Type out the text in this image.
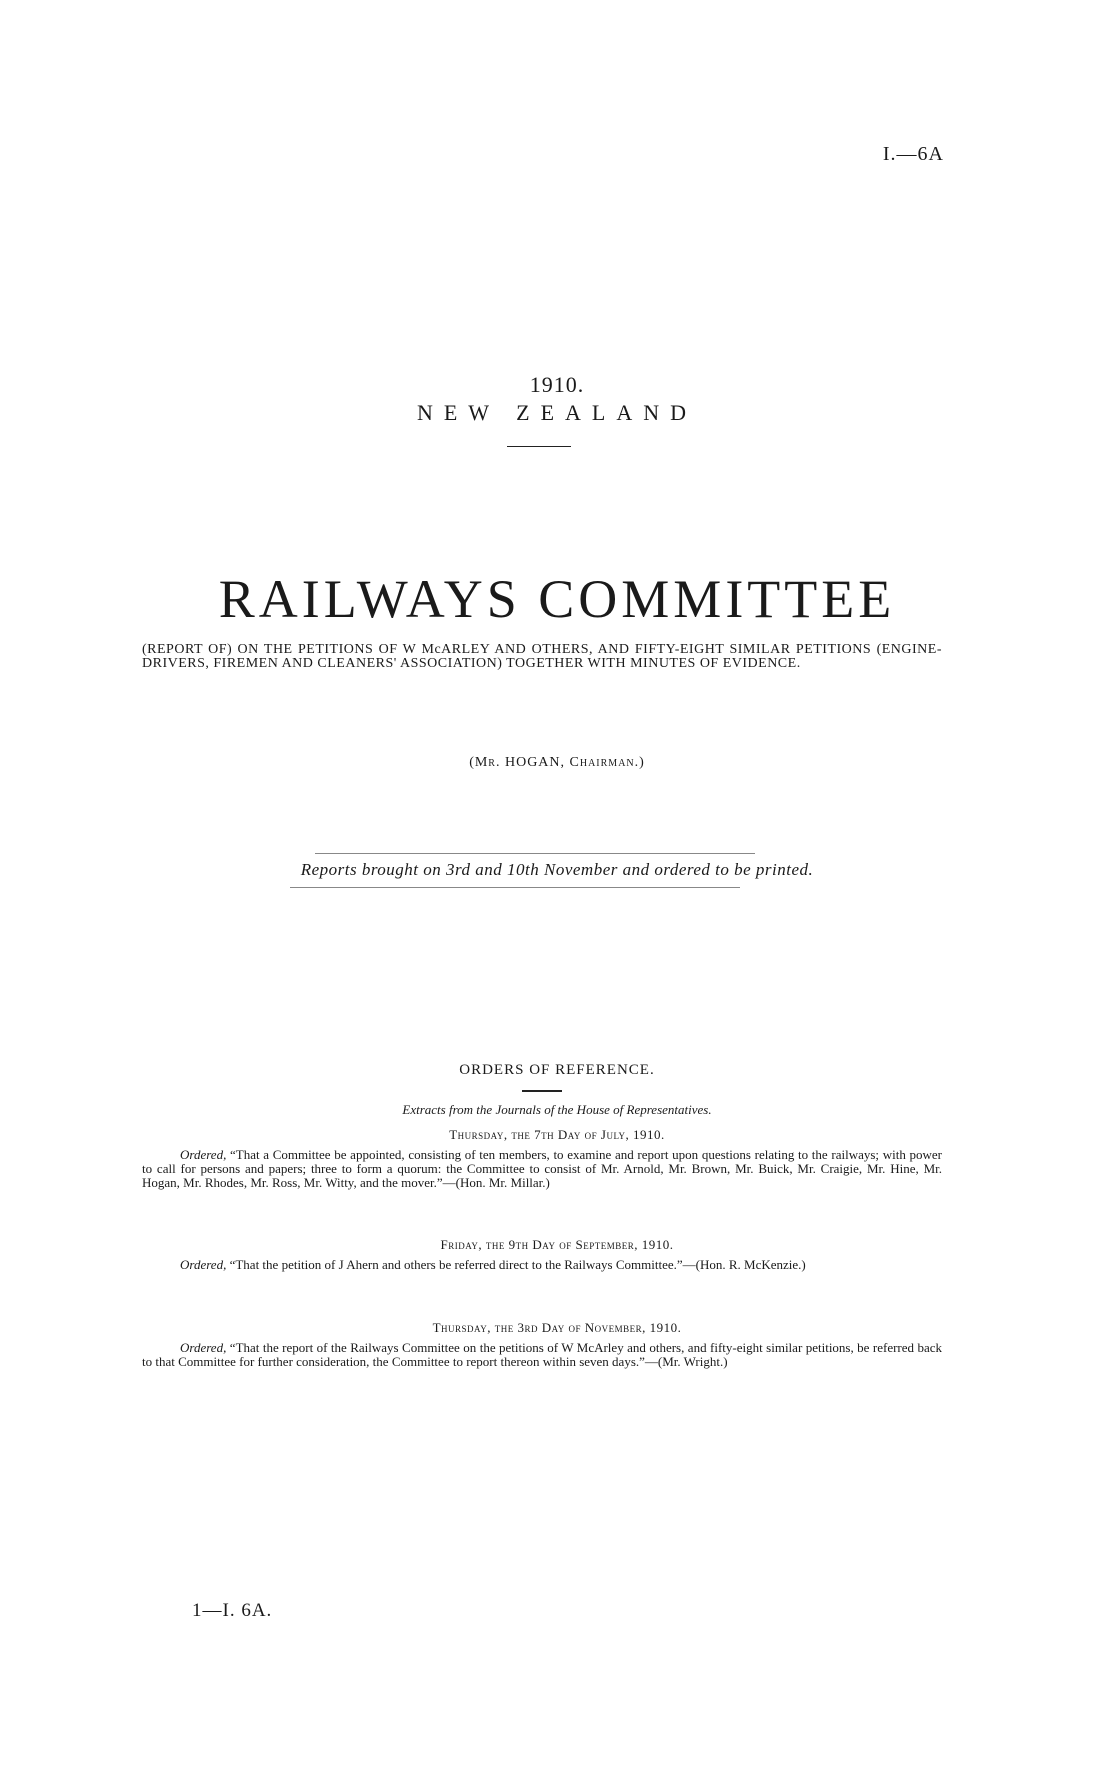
I.—6A
1910.
NEW ZEALAND
RAILWAYS COMMITTEE
(REPORT OF) ON THE PETITIONS OF W McARLEY AND OTHERS, AND FIFTY-EIGHT SIMILAR PETITIONS (ENGINE-DRIVERS, FIREMEN AND CLEANERS' ASSOCIATION) TOGETHER WITH MINUTES OF EVIDENCE.
(Mr. HOGAN, Chairman.)
Reports brought on 3rd and 10th November and ordered to be printed.
ORDERS OF REFERENCE.
Extracts from the Journals of the House of Representatives.
Thursday, the 7th Day of July, 1910.
Ordered, “That a Committee be appointed, consisting of ten members, to examine and report upon questions relating to the railways; with power to call for persons and papers; three to form a quorum: the Committee to consist of Mr. Arnold, Mr. Brown, Mr. Buick, Mr. Craigie, Mr. Hine, Mr. Hogan, Mr. Rhodes, Mr. Ross, Mr. Witty, and the mover.”—(Hon. Mr. Millar.)
Friday, the 9th Day of September, 1910.
Ordered, “That the petition of J Ahern and others be referred direct to the Railways Committee.”—(Hon. R. McKenzie.)
Thursday, the 3rd Day of November, 1910.
Ordered, “That the report of the Railways Committee on the petitions of W McArley and others, and fifty-eight similar petitions, be referred back to that Committee for further consideration, the Committee to report thereon within seven days.”—(Mr. Wright.)
1—I. 6A.
